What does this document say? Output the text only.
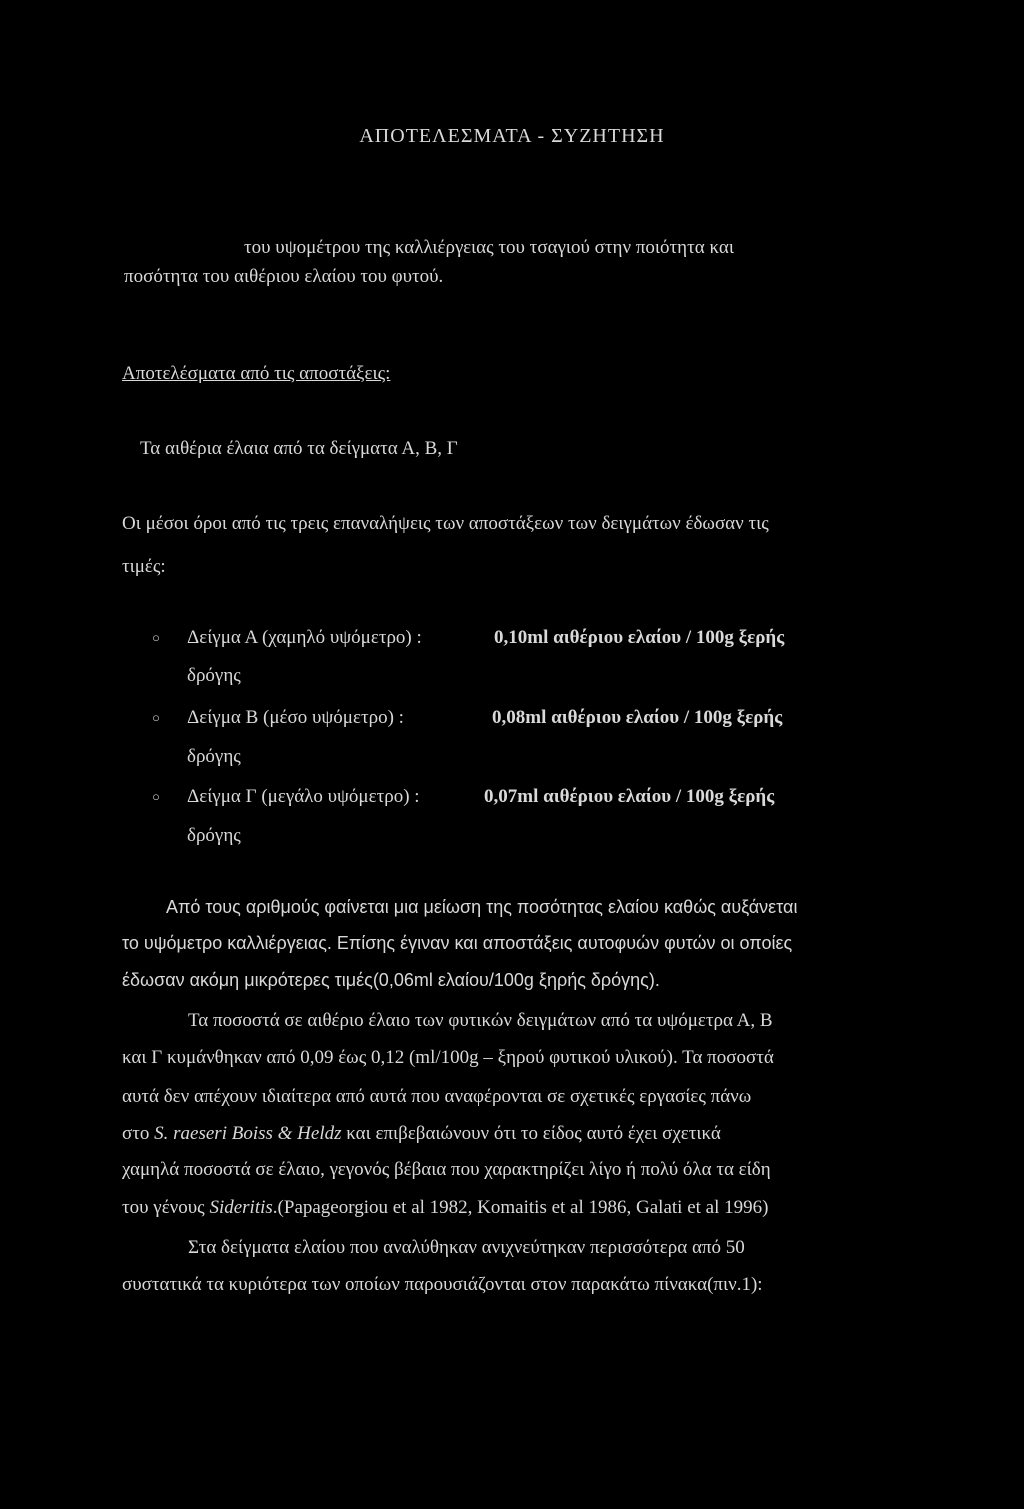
ΑΠΟΤΕΛΕΣΜΑΤΑ - ΣΥΖΗΤΗΣΗ
του υψομέτρου της καλλιέργειας του τσαγιού στην ποιότητα και
ποσότητα του αιθέριου ελαίου του φυτού.
Αποτελέσματα από τις αποστάξεις:
Τα αιθέρια έλαια από τα δείγματα Α, Β, Γ
Οι μέσοι όροι από τις τρεις επαναλήψεις των αποστάξεων των δειγμάτων έδωσαν τις
τιμές:
○ Δείγμα Α (χαμηλό υψόμετρο) :	0,10ml αιθέριου ελαίου / 100g ξερής
δρόγης
○ Δείγμα Β (μέσο υψόμετρο) :	0,08ml αιθέριου ελαίου / 100g ξερής
δρόγης
○ Δείγμα Γ (μεγάλο υψόμετρο) :	0,07ml αιθέριου ελαίου / 100g ξερής
δρόγης
Από τους αριθμούς φαίνεται μια μείωση της ποσότητας ελαίου καθώς αυξάνεται
το υψόμετρο καλλιέργειας. Επίσης έγιναν και αποστάξεις αυτοφυών φυτών οι οποίες
έδωσαν ακόμη μικρότερες τιμές(0,06ml ελαίου/100g ξηρής δρόγης).
Τα ποσοστά σε αιθέριο έλαιο των φυτικών δειγμάτων από τα υψόμετρα Α, Β
και Γ κυμάνθηκαν από 0,09 έως 0,12 (ml/100g – ξηρού φυτικού υλικού). Τα ποσοστά
αυτά δεν απέχουν ιδιαίτερα από αυτά που αναφέρονται σε σχετικές εργασίες πάνω
στο S. raeseri Boiss & Heldz και επιβεβαιώνουν ότι το είδος αυτό έχει σχετικά
χαμηλά ποσοστά σε έλαιο, γεγονός βέβαια που χαρακτηρίζει λίγο ή πολύ όλα τα είδη
του γένους Sideritis.(Papageorgiou et al 1982, Komaitis et al 1986, Galati et al 1996)
Στα δείγματα ελαίου που αναλύθηκαν ανιχνεύτηκαν περισσότερα από 50
συστατικά τα κυριότερα των οποίων παρουσιάζονται στον παρακάτω πίνακα(πιν.1):
